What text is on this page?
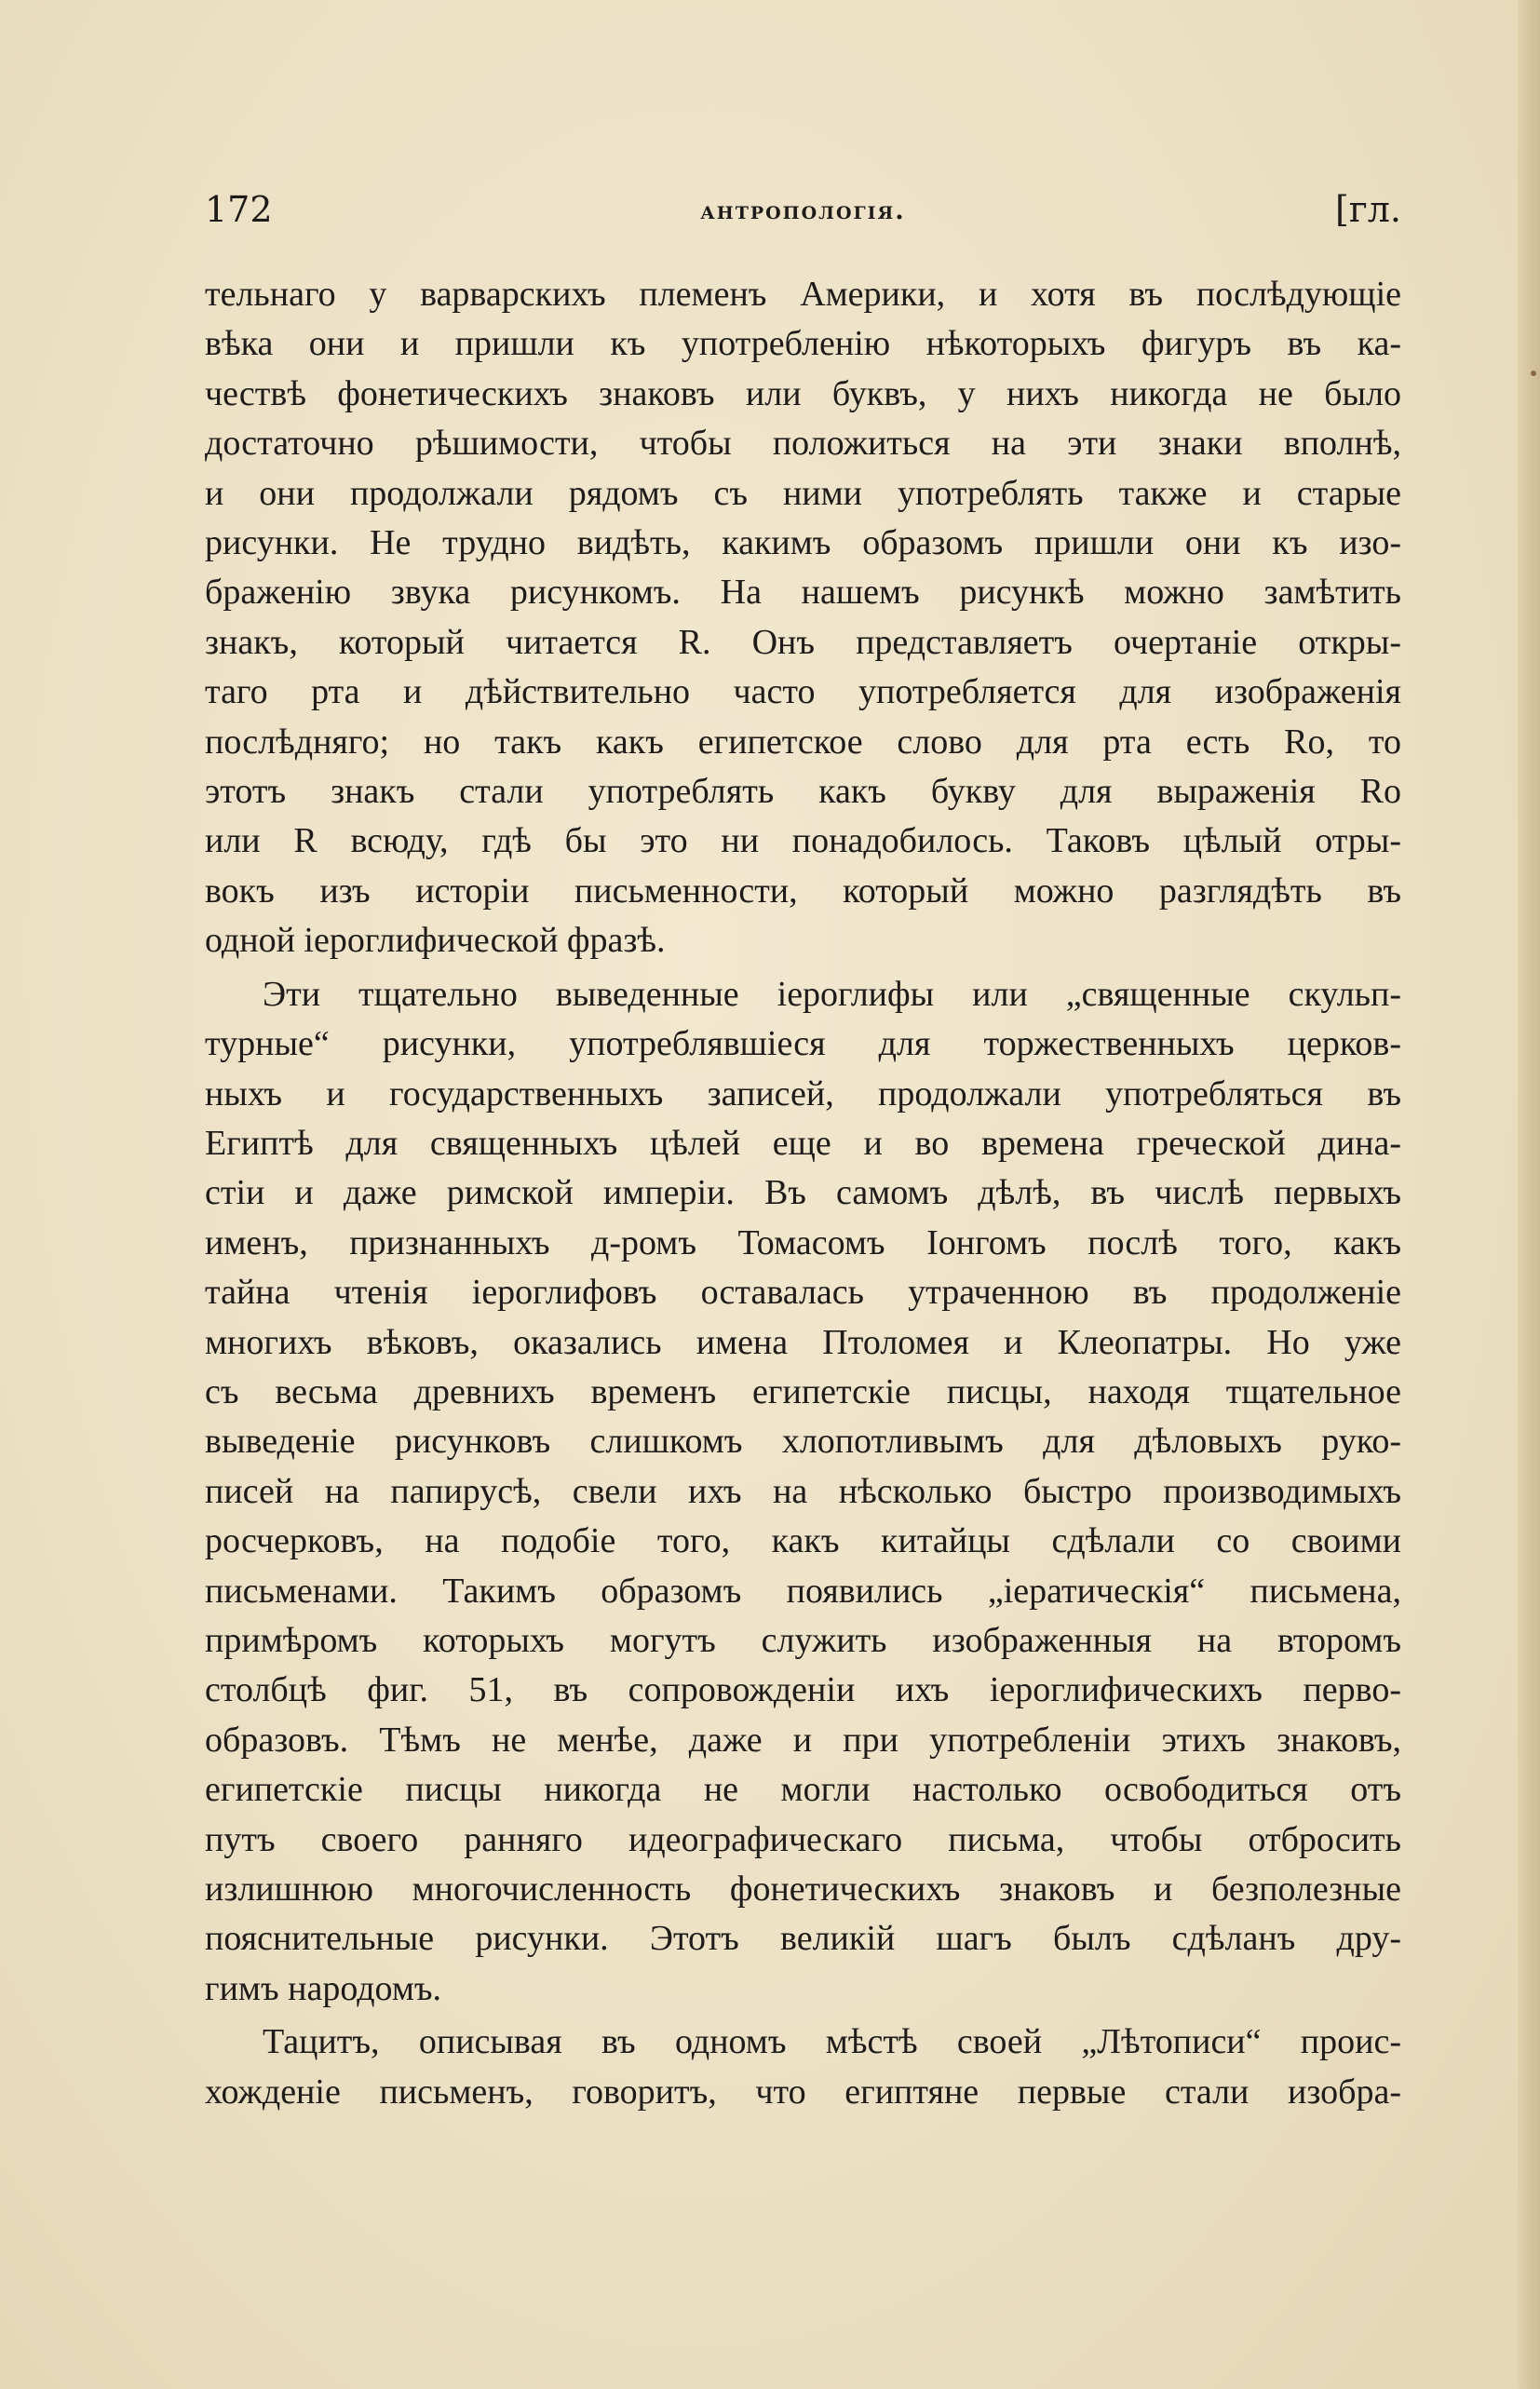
172	антропологія.	[гл.

тельнаго у варварскихъ племенъ Америки, и хотя въ послѣдующіе
вѣка они и пришли къ употребленію нѣкоторыхъ фигуръ въ ка-
чествѣ фонетическихъ знаковъ или буквъ, у нихъ никогда не было
достаточно рѣшимости, чтобы положиться на эти знаки вполнѣ,
и они продолжали рядомъ съ ними употреблять также и старые
рисунки. Не трудно видѣть, какимъ образомъ пришли они къ изо-
браженію звука рисункомъ. На нашемъ рисункѣ можно замѣтить
знакъ, который читается R. Онъ представляетъ очертаніе откры-
таго рта и дѣйствительно часто употребляется для изображенія
послѣдняго; но такъ какъ египетское слово для рта есть Ro, то
этотъ знакъ стали употреблять какъ букву для выраженія Ro
или R всюду, гдѣ бы это ни понадобилось. Таковъ цѣлый отры-
вокъ изъ исторіи письменности, который можно разглядѣть въ
одной іероглифической фразѣ.

Эти тщательно выведенные іероглифы или „священные скульп-
турные“ рисунки, употреблявшіеся для торжественныхъ церков-
ныхъ и государственныхъ записей, продолжали употребляться въ
Египтѣ для священныхъ цѣлей еще и во времена греческой дина-
стіи и даже римской имперіи. Въ самомъ дѣлѣ, въ числѣ первыхъ
именъ, признанныхъ д-ромъ Томасомъ Іонгомъ послѣ того, какъ
тайна чтенія іероглифовъ оставалась утраченною въ продолженіе
многихъ вѣковъ, оказались имена Птоломея и Клеопатры. Но уже
съ весьма древнихъ временъ египетскіе писцы, находя тщательное
выведеніе рисунковъ слишкомъ хлопотливымъ для дѣловыхъ руко-
писей на папирусѣ, свели ихъ на нѣсколько быстро производимыхъ
росчерковъ, на подобіе того, какъ китайцы сдѣлали со своими
письменами. Такимъ образомъ появились „іератическія“ письмена,
примѣромъ которыхъ могутъ служить изображенныя на второмъ
столбцѣ фиг. 51, въ сопровожденіи ихъ іероглифическихъ перво-
образовъ. Тѣмъ не менѣе, даже и при употребленіи этихъ знаковъ,
египетскіе писцы никогда не могли настолько освободиться отъ
путъ своего ранняго идеографическаго письма, чтобы отбросить
излишнюю многочисленность фонетическихъ знаковъ и безполезные
пояснительные рисунки. Этотъ великій шагъ былъ сдѣланъ дру-
гимъ народомъ.

Тацитъ, описывая въ одномъ мѣстѣ своей „Лѣтописи“ проис-
хожденіе письменъ, говоритъ, что египтяне первые стали изобра-
